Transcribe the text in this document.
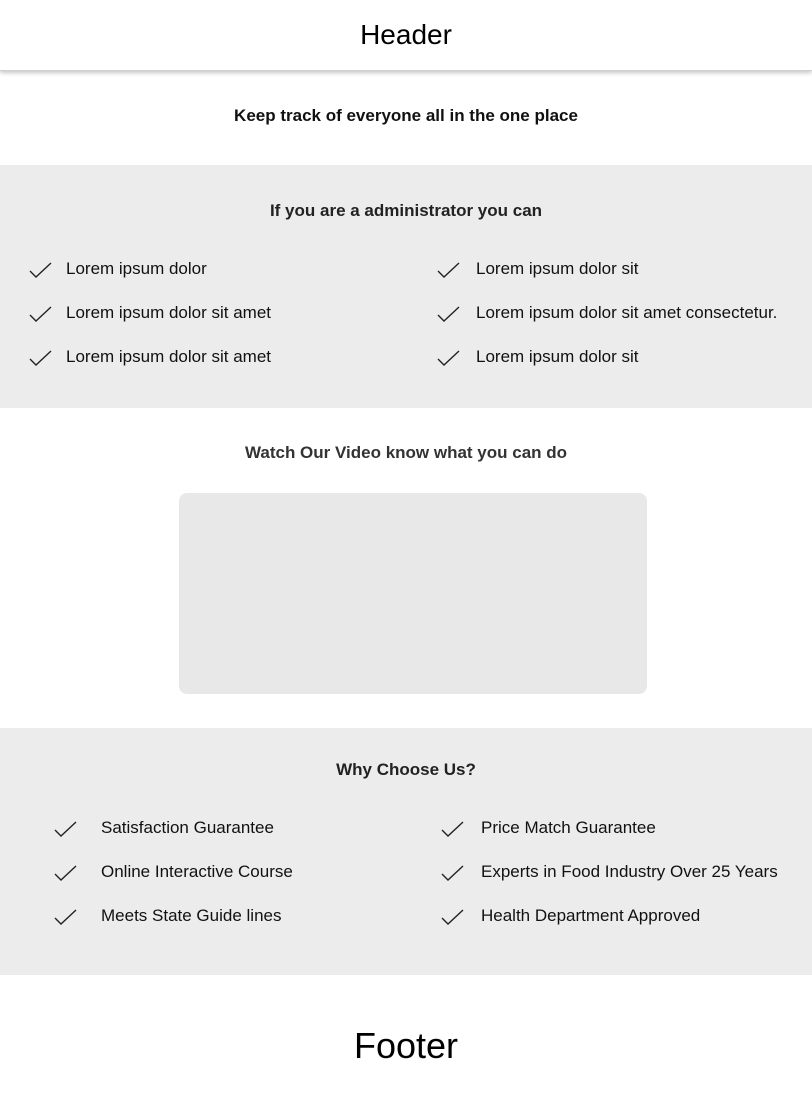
Header
Keep track of everyone all in the one place
If you are a administrator you can
Lorem ipsum dolor
Lorem ipsum dolor sit amet
Lorem ipsum dolor sit amet
Lorem ipsum dolor sit
Lorem ipsum dolor sit amet consectetur.
Lorem ipsum dolor sit
Watch Our Video know what you can do
Why Choose Us?
Satisfaction Guarantee
Online Interactive Course
Meets State Guide lines
Price Match Guarantee
Experts in Food Industry Over 25 Years
Health Department Approved
Footer
